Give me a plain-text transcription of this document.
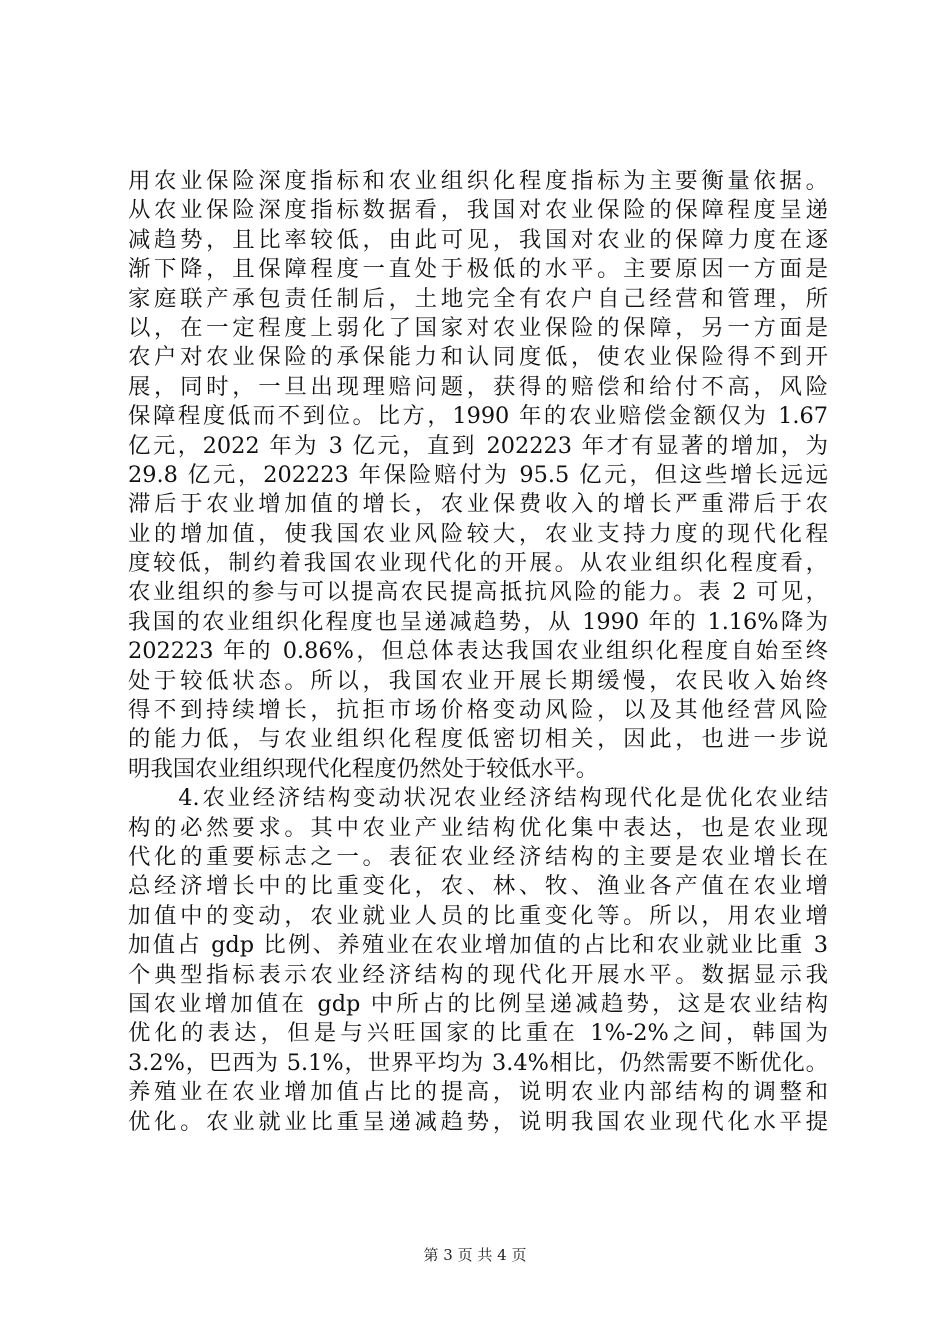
用农业保险深度指标和农业组织化程度指标为主要衡量依据。
从农业保险深度指标数据看，我国对农业保险的保障程度呈递
减趋势，且比率较低，由此可见，我国对农业的保障力度在逐
渐下降，且保障程度一直处于极低的水平。主要原因一方面是
家庭联产承包责任制后，土地完全有农户自己经营和管理，所
以，在一定程度上弱化了国家对农业保险的保障，另一方面是
农户对农业保险的承保能力和认同度低，使农业保险得不到开
展，同时，一旦出现理赔问题，获得的赔偿和给付不高，风险
保障程度低而不到位。比方，1990 年的农业赔偿金额仅为 1.67
亿元，2022 年为 3 亿元，直到 202223 年才有显著的增加，为
29.8 亿元，202223 年保险赔付为 95.5 亿元，但这些增长远远
滞后于农业增加值的增长，农业保费收入的增长严重滞后于农
业的增加值，使我国农业风险较大，农业支持力度的现代化程
度较低，制约着我国农业现代化的开展。从农业组织化程度看，
农业组织的参与可以提高农民提高抵抗风险的能力。表 2 可见，
我国的农业组织化程度也呈递减趋势，从 1990 年的 1.16%降为
202223 年的 0.86%，但总体表达我国农业组织化程度自始至终
处于较低状态。所以，我国农业开展长期缓慢，农民收入始终
得不到持续增长，抗拒市场价格变动风险，以及其他经营风险
的能力低，与农业组织化程度低密切相关，因此，也进一步说
明我国农业组织现代化程度仍然处于较低水平。
　　4.农业经济结构变动状况农业经济结构现代化是优化农业结
构的必然要求。其中农业产业结构优化集中表达，也是农业现
代化的重要标志之一。表征农业经济结构的主要是农业增长在
总经济增长中的比重变化，农、林、牧、渔业各产值在农业增
加值中的变动，农业就业人员的比重变化等。所以，用农业增
加值占 gdp 比例、养殖业在农业增加值的占比和农业就业比重 3
个典型指标表示农业经济结构的现代化开展水平。数据显示我
国农业增加值在 gdp 中所占的比例呈递减趋势，这是农业结构
优化的表达，但是与兴旺国家的比重在 1%-2%之间，韩国为
3.2%，巴西为 5.1%，世界平均为 3.4%相比，仍然需要不断优化。
养殖业在农业增加值占比的提高，说明农业内部结构的调整和
优化。农业就业比重呈递减趋势，说明我国农业现代化水平提
第 3 页 共 4 页
